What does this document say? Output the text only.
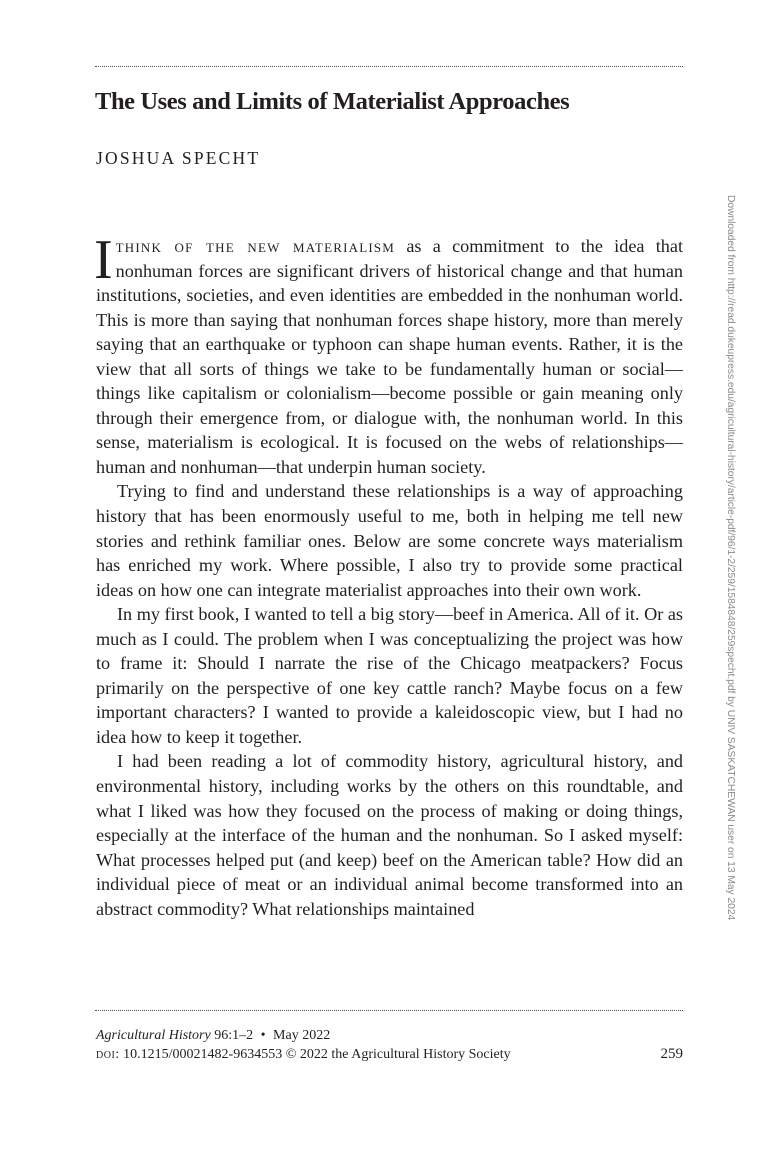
The Uses and Limits of Materialist Approaches
JOSHUA SPECHT

Ithink of the new materialism as a commitment to the idea that nonhuman forces are significant drivers of historical change and that human institutions, societies, and even identities are embedded in the nonhuman world. This is more than saying that nonhuman forces shape history, more than merely saying that an earthquake or typhoon can shape human events. Rather, it is the view that all sorts of things we take to be fundamentally human or social—things like capitalism or colonialism—become possible or gain meaning only through their emergence from, or dialogue with, the nonhuman world. In this sense, materialism is ecological. It is focused on the webs of relationships—human and nonhuman—that underpin human society.

Trying to find and understand these relationships is a way of approaching history that has been enormously useful to me, both in helping me tell new stories and rethink familiar ones. Below are some concrete ways materialism has enriched my work. Where possible, I also try to provide some practical ideas on how one can integrate materialist approaches into their own work.

In my first book, I wanted to tell a big story—beef in America. All of it. Or as much as I could. The problem when I was conceptualizing the project was how to frame it: Should I narrate the rise of the Chicago meatpackers? Focus primarily on the perspective of one key cattle ranch? Maybe focus on a few important characters? I wanted to provide a kaleidoscopic view, but I had no idea how to keep it together.

I had been reading a lot of commodity history, agricultural history, and environmental history, including works by the others on this roundtable, and what I liked was how they focused on the process of making or doing things, especially at the interface of the human and the nonhuman. So I asked myself: What processes helped put (and keep) beef on the American table? How did an individual piece of meat or an individual animal become transformed into an abstract commodity? What relationships maintained	Downloaded from http://read.dukeupress.edu/agricultural-history/article-pdf/96/1-2/259/1584848/259specht.pdf by UNIV SASKATCHEWAN user on 13 May 2024
Agricultural History 96:1–2 • May 2022
doi: 10.1215/00021482-9634553 © 2022 the Agricultural History Society	259
